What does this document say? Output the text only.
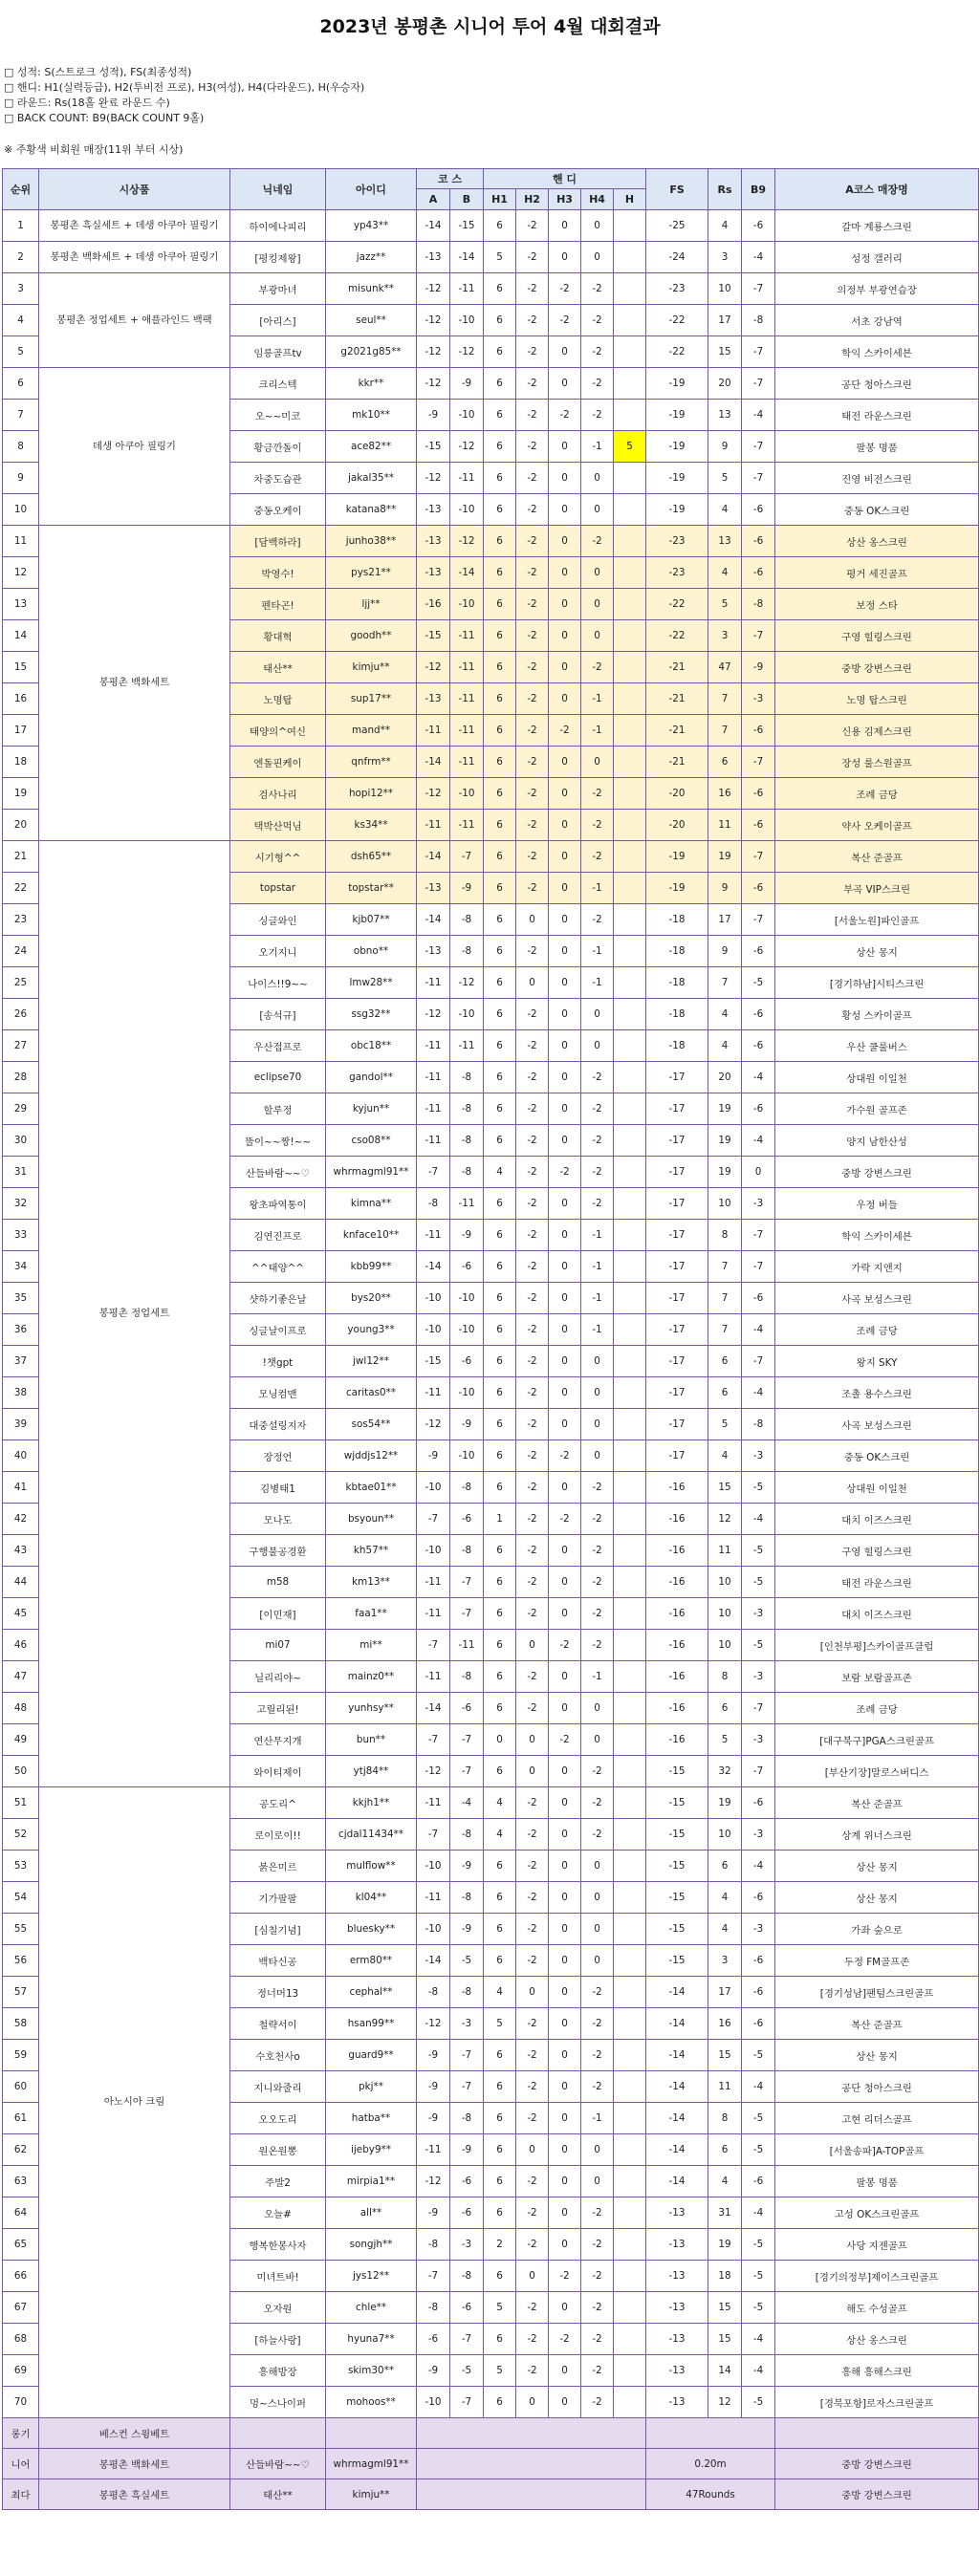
2023년 봉평촌 시니어 투어 4월 대회결과
□ 성적: S(스트로크 성적), FS(최종성적)
□ 핸디: H1(실력등급), H2(투비전 프로), H3(여성), H4(다라운드), H(우승자)
□ 라운드: Rs(18홀 완료 라운드 수)
□ BACK COUNT: B9(BACK COUNT 9홀)
※ 주황색 비회원 매장(11위 부터 시상)
순위	시상품	닉네임	아이디	코 스		핸 디					FS	Rs	B9	A코스 매장명
				A	B	H1	H2	H3	H4	H				
1	봉평촌 흑실세트 + 데생 아쿠아 필링기	하이에나피리	yp43**	-14	-15	6	-2	0	0		-25	4	-6	갈마 계룡스크린
2	봉평촌 백화세트 + 데생 아쿠아 필링기	[평킹제왕]	jazz**	-13	-14	5	-2	0	0		-24	3	-4	성정 갤러리
3	봉평촌 정업세트 + 애플라인드 백팩	부광마녀	misunk**	-12	-11	6	-2	-2	-2		-23	10	-7	의정부 부광연습장
4		[아리스]	seul**	-12	-10	6	-2	-2	-2		-22	17	-8	서초 강남역
5		임릉골프tv	g2021g85**	-12	-12	6	-2	0	-2		-22	15	-7	학익 스카이세븐
6	데생 아쿠아 필링기	크리스텍	kkr**	-12	-9	6	-2	0	-2		-19	20	-7	공단 청아스크린
7		오~~미코	mk10**	-9	-10	6	-2	-2	-2		-19	13	-4	태전 라운스크린
8		황금깐돌이	ace82**	-15	-12	6	-2	0	-1	5	-19	9	-7	팔봉 명품
9		차중도습관	jakal35**	-12	-11	6	-2	0	0		-19	5	-7	진영 비전스크린
10		중동오케이	katana8**	-13	-10	6	-2	0	0		-19	4	-6	중동 OK스크린
11	봉평촌 백화세트	[담백하라]	junho38**	-13	-12	6	-2	0	-2		-23	13	-6	상산 옹스크린
12		박영수!	pys21**	-13	-14	6	-2	0	0		-23	4	-6	평거 세진골프
13		펜타곤!	ljj**	-16	-10	6	-2	0	0		-22	5	-8	보정 스타
14		황대혁	goodh**	-15	-11	6	-2	0	0		-22	3	-7	구영 힐링스크린
15		태산**	kimju**	-12	-11	6	-2	0	-2		-21	47	-9	중방 강변스크린
16		노명탑	sup17**	-13	-11	6	-2	0	-1		-21	7	-3	노명 탑스크린
17		태양의^여신	mand**	-11	-11	6	-2	-2	-1		-21	7	-6	신용 김제스크린
18		엔돌핀케이	qnfrm**	-14	-11	6	-2	0	0		-21	6	-7	장성 룰스원골프
19		검사나리	hopi12**	-12	-10	6	-2	0	-2		-20	16	-6	조례 금당
20		택박산먹님	ks34**	-11	-11	6	-2	0	-2		-20	11	-6	약사 오케이골프
21	봉평촌 정업세트	시기형^^	dsh65**	-14	-7	6	-2	0	-2		-19	19	-7	복산 준골프
22		topstar	topstar**	-13	-9	6	-2	0	-1		-19	9	-6	부곡 VIP스크린
23		싱글와인	kjb07**	-14	-8	6	0	0	-2		-18	17	-7	[서울노원]파인골프
24		오기지니	obno**	-13	-8	6	-2	0	-1		-18	9	-6	상산 몽지
25		나이스!!9~~	lmw28**	-11	-12	6	0	0	-1		-18	7	-5	[경기하남]시티스크린
26		[송석규]	ssg32**	-12	-10	6	-2	0	0		-18	4	-6	황성 스카이골프
27		우산접프로	obc18**	-11	-11	6	-2	0	0		-18	4	-6	우산 쿨룰버스
28		eclipse70	gandol**	-11	-8	6	-2	0	-2		-17	20	-4	상대원 이일천
29		할루정	kyjun**	-11	-8	6	-2	0	-2		-17	19	-6	가수원 골프존
30		뚤이~~짱!~~	cso08**	-11	-8	6	-2	0	-2		-17	19	-4	양지 남한산성
31		산들바람~~♡	whrmagml91**	-7	-8	4	-2	-2	-2		-17	19	0	중방 강변스크린
32		왕초파역통이	kimna**	-8	-11	6	-2	0	-2		-17	10	-3	우정 버들
33		김연진프로	knface10**	-11	-9	6	-2	0	-1		-17	8	-7	학익 스카이세븐
34		^^태양^^	kbb99**	-14	-6	6	-2	0	-1		-17	7	-7	가락 지앤지
35		샷하기좋은날	bys20**	-10	-10	6	-2	0	-1		-17	7	-6	사곡 보성스크린
36		싱글날이프로	young3**	-10	-10	6	-2	0	-1		-17	7	-4	조례 금당
37		!챗gpt	jwl12**	-15	-6	6	-2	0	0		-17	6	-7	왕지 SKY
38		모닝컴맨	caritas0**	-11	-10	6	-2	0	0		-17	6	-4	조촐 용수스크린
39		대중설링지자	sos54**	-12	-9	6	-2	0	0		-17	5	-8	사곡 보성스크린
40		장정언	wjddjs12**	-9	-10	6	-2	-2	0		-17	4	-3	중동 OK스크린
41		김병태1	kbtae01**	-10	-8	6	-2	0	-2		-16	15	-5	상대원 이일천
42		모나도	bsyoun**	-7	-6	1	-2	-2	-2		-16	12	-4	대치 이즈스크린
43		구행불공경환	kh57**	-10	-8	6	-2	0	-2		-16	11	-5	구영 힐링스크린
44		m58	km13**	-11	-7	6	-2	0	-2		-16	10	-5	태전 라운스크린
45		[이민재]	faa1**	-11	-7	6	-2	0	-2		-16	10	-3	대치 이즈스크린
46		mi07	mi**	-7	-11	6	0	-2	-2		-16	10	-5	[인천부평]스카이골프클럽
47		닐리리야~	mainz0**	-11	-8	6	-2	0	-1		-16	8	-3	보람 보람골프존
48		고릴리된!	yunhsy**	-14	-6	6	-2	0	0		-16	6	-7	조례 금당
49		연산무지개	bun**	-7	-7	0	0	-2	0		-16	5	-3	[대구북구]PGA스크린골프
50		와이티제이	ytj84**	-12	-7	6	0	0	-2		-15	32	-7	[부산기장]말로스버디스
51	아노시아 크림	공도리^	kkjh1**	-11	-4	4	-2	0	-2		-15	19	-6	복산 준골프
52		로이로이!!	cjdal11434**	-7	-8	4	-2	0	-2		-15	10	-3	상계 위너스크린
53		붉은미르	mulflow**	-10	-9	6	-2	0	0		-15	6	-4	상산 몽지
54		기가팔팔	kl04**	-11	-8	6	-2	0	0		-15	4	-6	상산 몽지
55		[심칠기념]	bluesky**	-10	-9	6	-2	0	0		-15	4	-3	가좌 숲으로
56		백타신공	erm80**	-14	-5	6	-2	0	0		-15	3	-6	두정 FM골프존
57		정너머13	cephal**	-8	-8	4	0	0	-2		-14	17	-6	[경기성남]팬텀스크린골프
58		철략서이	hsan99**	-12	-3	5	-2	0	-2		-14	16	-6	복산 준골프
59		수호천사o	guard9**	-9	-7	6	-2	0	-2		-14	15	-5	상산 몽지
60		지니와줄리	pkj**	-9	-7	6	-2	0	-2		-14	11	-4	공단 청아스크린
61		오오도리	hatba**	-9	-8	6	-2	0	-1		-14	8	-5	고현 리더스골프
62		원온원뽕	ijeby9**	-11	-9	6	0	0	0		-14	6	-5	[서울송파]A-TOP골프
63		주발2	mirpia1**	-12	-6	6	-2	0	0		-14	4	-6	팔봉 명품
64		오늘#	all**	-9	-6	6	-2	0	-2		-13	31	-4	고성 OK스크린골프
65		행복한봉사자	songjh**	-8	-3	2	-2	0	-2		-13	19	-5	사당 지젠골프
66		미녀트바!	jys12**	-7	-8	6	0	-2	-2		-13	18	-5	[경기의정부]제이스크린골프
67		오자원	chle**	-8	-6	5	-2	0	-2		-13	15	-5	해도 수성골프
68		[하늘사랑]	hyuna7**	-6	-7	6	-2	-2	-2		-13	15	-4	상산 옹스크린
69		흥해방장	skim30**	-9	-5	5	-2	0	-2		-13	14	-4	흥해 흥해스크린
70		멍~스나이퍼	mohoos**	-10	-7	6	0	0	-2		-13	12	-5	[경북포항]로자스크린골프
롱기	베스컨 스윙베트													
니어	봉평촌 백화세트	산들바람~~♡	whrmagml91**								0.20m			중방 강변스크린
최다	봉평촌 흑실세트	태산**	kimju**								47Rounds			중방 강변스크린
